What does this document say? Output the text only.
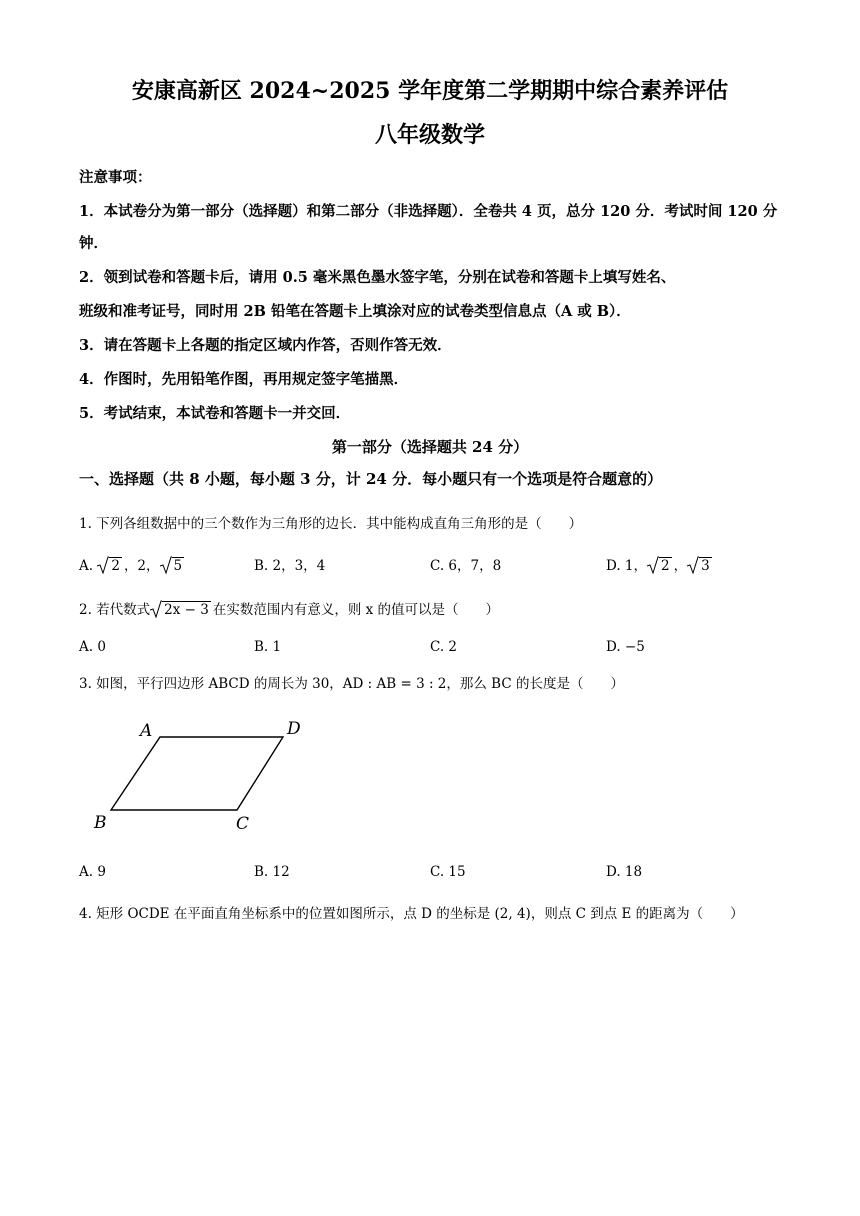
安康高新区 2024~2025 学年度第二学期期中综合素养评估
八年级数学
注意事项：
1．本试卷分为第一部分（选择题）和第二部分（非选择题）．全卷共 4 页，总分 120 分．考试时间 120 分
钟．
2．领到试卷和答题卡后，请用 0.5 毫米黑色墨水签字笔，分别在试卷和答题卡上填写姓名、
班级和准考证号，同时用 2B 铅笔在答题卡上填涂对应的试卷类型信息点（A 或 B）．
3．请在答题卡上各题的指定区域内作答，否则作答无效．
4．作图时，先用铅笔作图，再用规定签字笔描黑．
5．考试结束，本试卷和答题卡一并交回．
第一部分（选择题共 24 分）
一、选择题（共 8 小题，每小题 3 分，计 24 分．每小题只有一个选项是符合题意的）
1. 下列各组数据中的三个数作为三角形的边长．其中能构成直角三角形的是（　　）
A.
2 ，2， 5	B. 2，3，4	C. 6，7，8	D. 1， 2 ， 3
2. 若代数式 2x − 3 在实数范围内有意义，则 x 的值可以是（　　）
A. 0	B. 1	C. 2	D. −5
3. 如图，平行四边形 ABCD 的周长为 30，AD : AB = 3 : 2，那么 BC 的长度是（　　）
A	D
B	C
A. 9	B. 12	C. 15	D. 18
4. 矩形 OCDE 在平面直角坐标系中的位置如图所示，点 D 的坐标是 (2, 4)，则点 C 到点 E 的距离为（　　）
